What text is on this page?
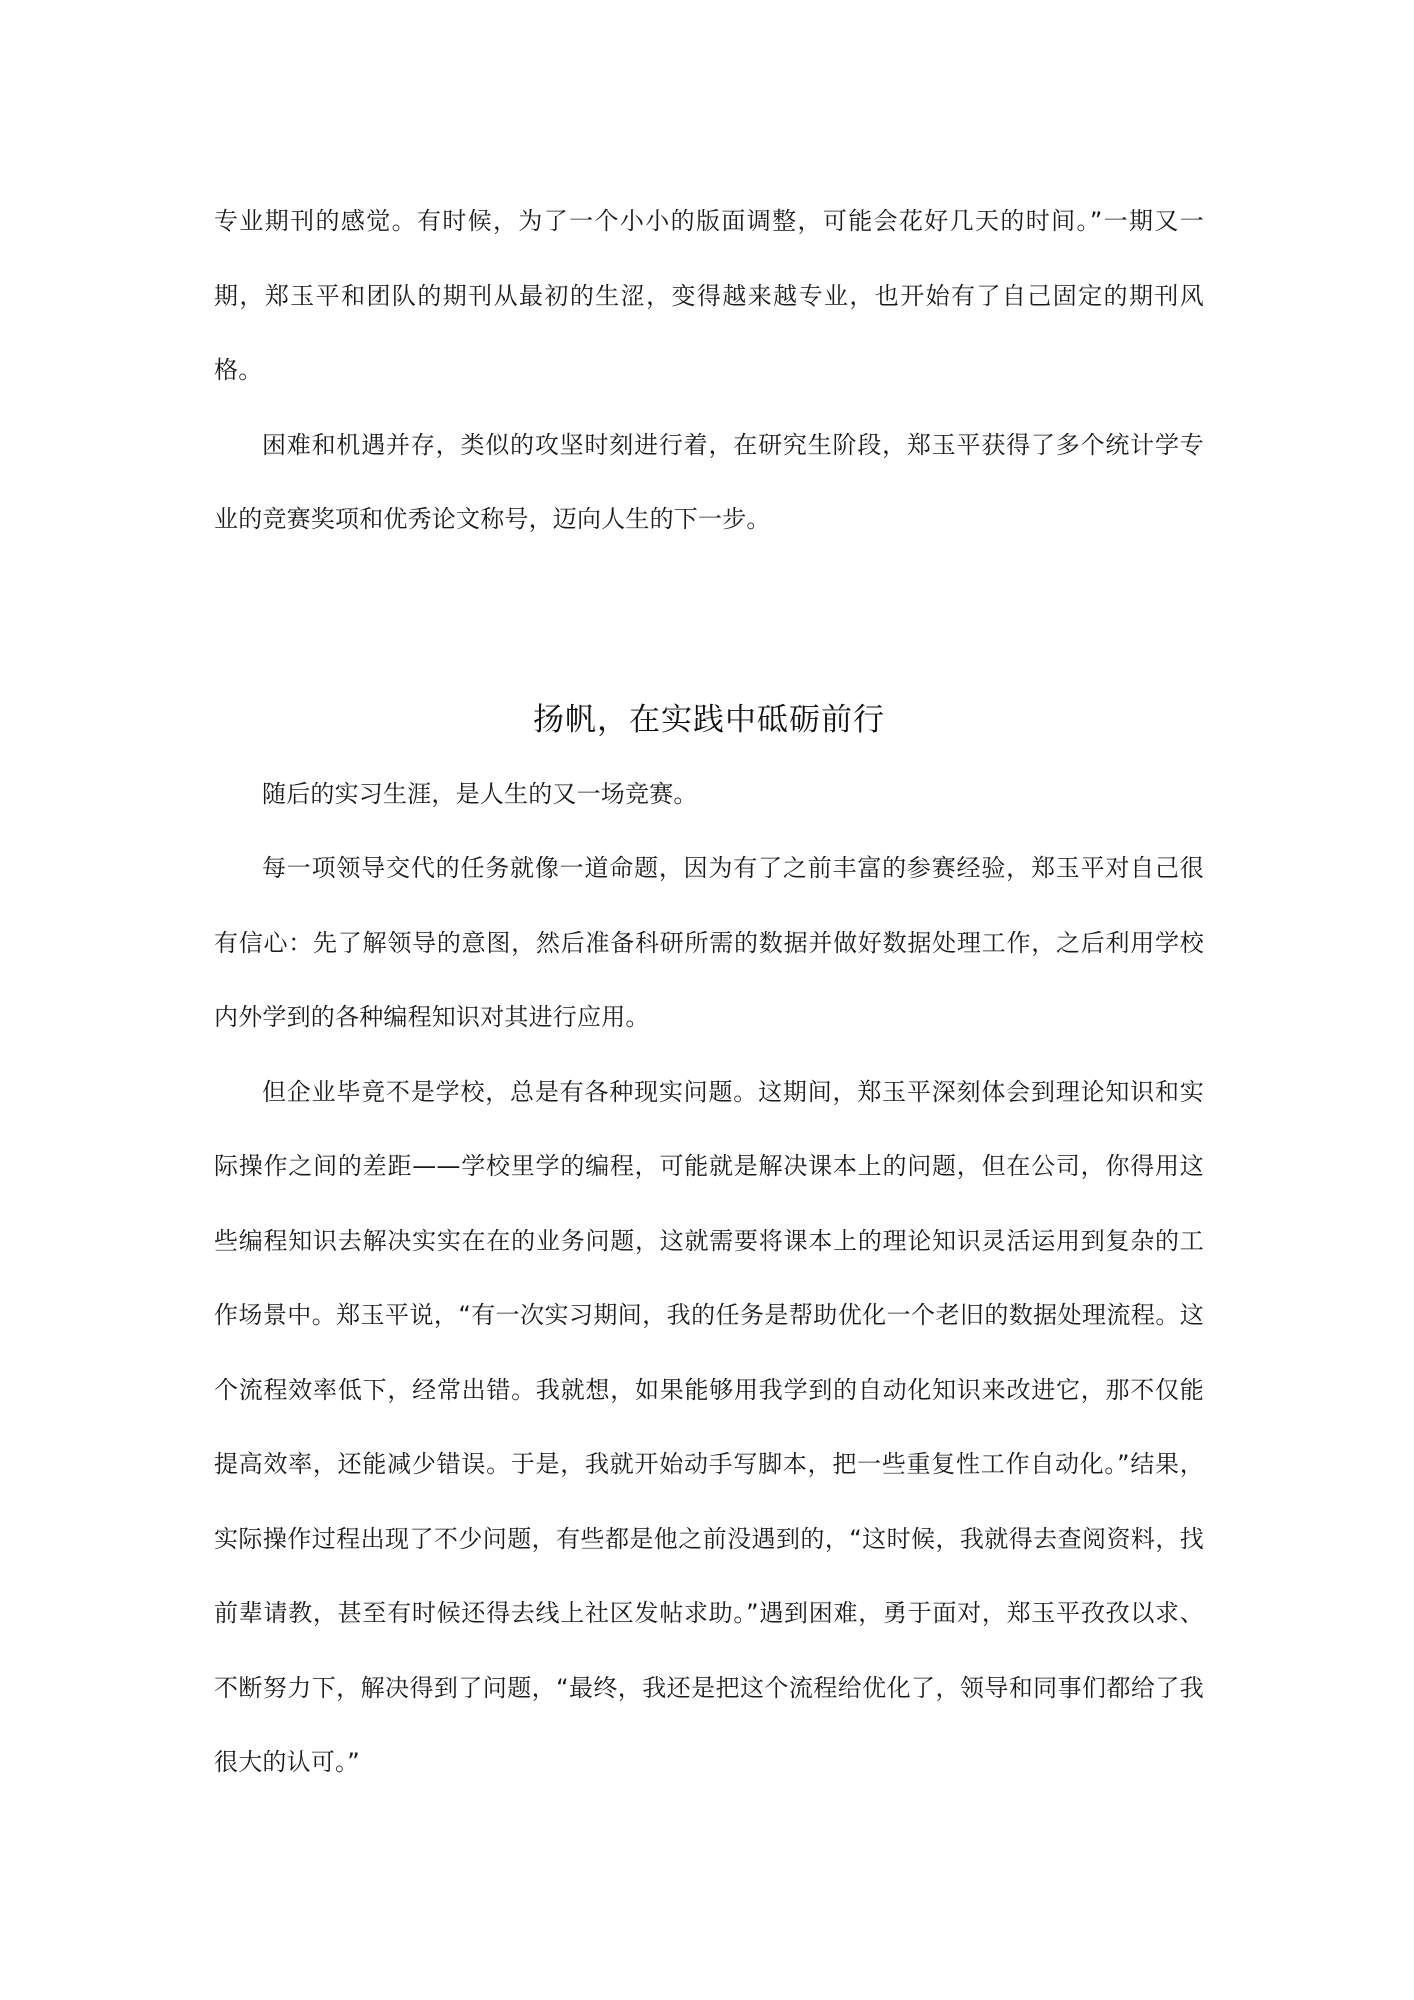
专业期刊的感觉。有时候，为了一个小小的版面调整，可能会花好几天的时间。”一期又一期，郑玉平和团队的期刊从最初的生涩，变得越来越专业，也开始有了自己固定的期刊风格。

困难和机遇并存，类似的攻坚时刻进行着，在研究生阶段，郑玉平获得了多个统计学专业的竞赛奖项和优秀论文称号，迈向人生的下一步。

扬帆，在实践中砥砺前行

随后的实习生涯，是人生的又一场竞赛。

每一项领导交代的任务就像一道命题，因为有了之前丰富的参赛经验，郑玉平对自己很有信心：先了解领导的意图，然后准备科研所需的数据并做好数据处理工作，之后利用学校内外学到的各种编程知识对其进行应用。

但企业毕竟不是学校，总是有各种现实问题。这期间，郑玉平深刻体会到理论知识和实际操作之间的差距——学校里学的编程，可能就是解决课本上的问题，但在公司，你得用这些编程知识去解决实实在在的业务问题，这就需要将课本上的理论知识灵活运用到复杂的工作场景中。郑玉平说，“有一次实习期间，我的任务是帮助优化一个老旧的数据处理流程。这个流程效率低下，经常出错。我就想，如果能够用我学到的自动化知识来改进它，那不仅能提高效率，还能减少错误。于是，我就开始动手写脚本，把一些重复性工作自动化。”结果，实际操作过程出现了不少问题，有些都是他之前没遇到的，“这时候，我就得去查阅资料，找前辈请教，甚至有时候还得去线上社区发帖求助。”遇到困难，勇于面对，郑玉平孜孜以求、不断努力下，解决得到了问题，“最终，我还是把这个流程给优化了，领导和同事们都给了我很大的认可。”
